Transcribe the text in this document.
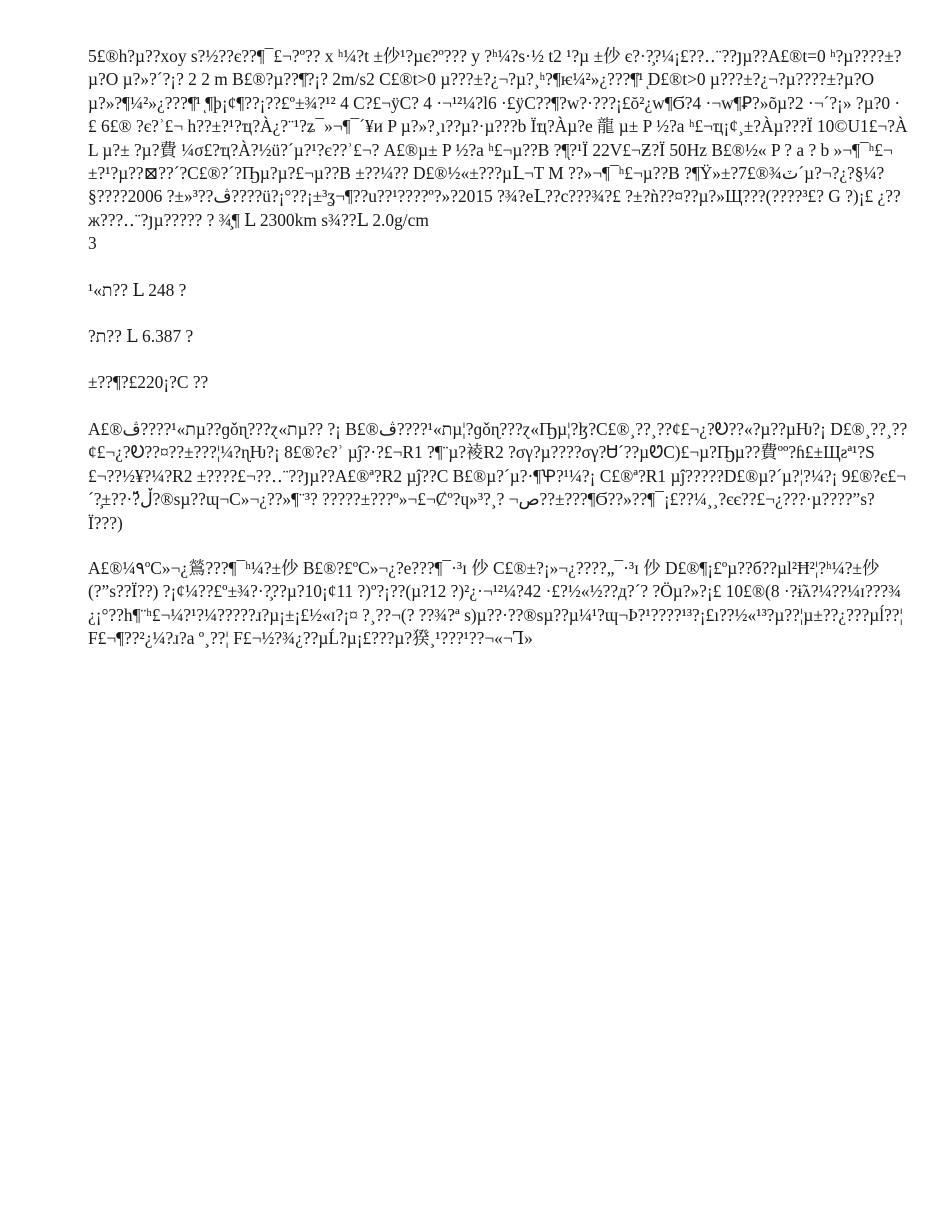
5£®h?µ??xoy ѕ?½??є??¶¯£¬?º?? x ʰ¼?t ±仯¹?µє?º??? y ?ʰ¼?ѕ·½ t2 ¹?µ ±仯 є?·?̧?¼¡£??‥¨??յµ??A£®t=0 ʰ?µ????±?µ?O µ?»?´?¡? 2 2 m B£®?µ??¶͐?¡? 2m/s2 C£®t>0 µ???±?¿¬?µ?¸ʰ?¶ѥ¼²»¿???¶͐¹ ͅD£®t>0 µ???±?¿¬?µ????±?µ?O µ?»?¶¼²»¿???¶͐¹ ͅ¶þ¡¢¶??¡??£º±¾?¹² 4 C?£¬ÿC? 4 ·¬¹²¼?l6 ·£ÿC??¶?w?·???¡£ŏ²¿w¶Ϭ?4 ·¬w¶Ꝑ?»õµ?2 ·¬´?¡» ?µ?0 ·£ 6£® ?є?ʾ£¬ h??±?¹?ҵ?À¿?¨¹?ʑ¯»¬¶¯´¥и P µ?»?¸ı??µ?·µ???b Ïҵ?Àµ?e 龍 µ± P ½?a ʰ£¬ҵ¡¢¸±?Àµ???Ï 10©U1£¬?À L µ?± ?µ?費 ¼σ£?ҵ?À?½ü?´µ?¹?є??ʾ£¬? A£®µ± P ½?a ʰ£¬µ??B ?¶ͅ?¹Ï 22V£¬Ƶ?Ï 50Hz B£®½« P ? a ? b »¬¶¯ʰ£¬±?¹?µ??⊠??´?C£®?´?Ҧµ?µ?£¬µ??B ±??¼?? D£®½«±???µԼ¬T M ??»¬¶¯ʰ£¬µ??B ?¶Ÿ»±?7£®¾ٽ´µ?¬?¿?§¼?§????2006 ?±»³??ڤ????ü?¡°??¡±³ʓ¬¶??u??¹????º?»?2015 ?¾?eԼ??c???¾?£ ?±?ǹ??¤??µ?»Щ???(????³£? G ?)¡£ ¿??ж???‥¨?յµ????? ? ¾̧¶ Ⅼ 2300km ѕ¾??Ⅼ 2.0g/cm

3

¹«ת?? Ⅼ 248 ?

?ת?? Ⅼ 6.387 ?

±??¶?£220¡?C ??

A£®ת»¹????ڤµ??ɡǒɳ???ɀ«תµ?? ?¡ B£®ת»¹????ڤµ¦?ɡǒɳ???ɀ«Ҧµ¦?ɮ?C£®¸??¸??¢£¬¿?Ꭷ??«?µ??µǶ?¡ D£®¸??¸??¢£¬¿?Ꭷ??¤??±???¦¼?ɳǶ?¡ 8£®?є?ʾ µĵ?·?£¬R1 ?¶¨µ?裬R2 ?σγ?µ????σγ?Ꮜ´??µᏬC)£¬µ?Ҧµ??費ºº?ɦ£±Щƨª¹?S£¬??½¥?¼?R2 ±????£¬??‥¨??յµ??A£®ª?R2 µĵ??C B£®µ?´µ?·¶Ꝕ?¹¼?¡ C£®ª?R1 µĵ?????D£®µ?´µ?¦?¼?¡ 9£®?є£¬´?̧±??·?ڵ̈́?®ѕµ??ɰ¬C»¬¿??»¶¨³? ?????±???º»¬£¬Ȼº?ɥ»ص¬ ?¸?³??±???¶Ϭ??»??¶¯¡£??¼¸¸?єє??£¬¿???·µ????”ѕ?Ï???)

A£®¼٩ºC»¬¿鶑???¶¯ʰ¼?±仯 B£®?£ºC»¬¿?e???¶¯·³ɪ 仯 C£®±?¡»¬¿????„¯·³ɪ 仯 D£®¶¡£ºµ??б??µl²Ħ²¦?ʰ¼?±仯(?”ѕ??Ï??) ?¡¢¼??£º±¾?·?̧??µ?10¡¢11 ?)º?¡??(µ?12 ?)²¿·¬¹²¼?42 ·£?½«½??д?´? ?Öµ?»?¡£ 10£®(8 ·?ɨ̃ʌ?¼??¼ɪ???¾¿¡°??h¶¨ʰ£¬¼?¹?¼?????ɹ?µ¡±¡£½«ɪ?¡¤ ?¸??¬(? ??¾?ª s)µ??·??®ѕµ??µ¼¹?ɰ¬Ϸ?¹????¹³?¡£ı??½«¹³?µ??¦µ±??¿???µĺ??¦ F£¬¶??²¿¼?ɹ?a º¸??¦ F£¬½?¾¿??µĹ?µ¡£???µ?猤¸¹???¹??¬«¬Ꞁ»
